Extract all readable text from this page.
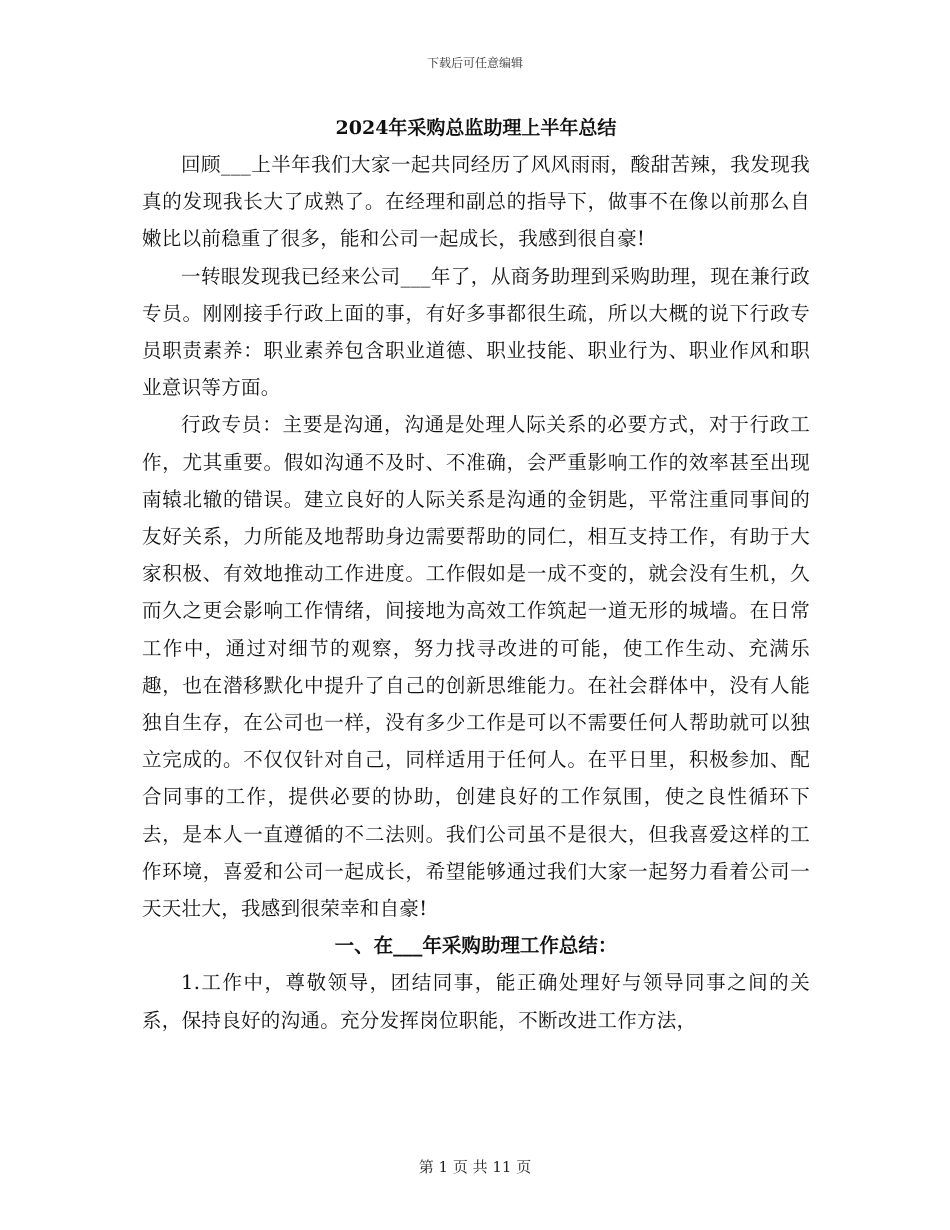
下载后可任意编辑
2024年采购总监助理上半年总结

回顾___上半年我们大家一起共同经历了风风雨雨，酸甜苦辣，我发现我真的发现我长大了成熟了。在经理和副总的指导下，做事不在像以前那么自嫩比以前稳重了很多，能和公司一起成长，我感到很自豪!

一转眼发现我已经来公司___年了，从商务助理到采购助理，现在兼行政专员。刚刚接手行政上面的事，有好多事都很生疏，所以大概的说下行政专员职责素养：职业素养包含职业道德、职业技能、职业行为、职业作风和职业意识等方面。

行政专员：主要是沟通，沟通是处理人际关系的必要方式，对于行政工作，尤其重要。假如沟通不及时、不准确，会严重影响工作的效率甚至出现南辕北辙的错误。建立良好的人际关系是沟通的金钥匙，平常注重同事间的友好关系，力所能及地帮助身边需要帮助的同仁，相互支持工作，有助于大家积极、有效地推动工作进度。工作假如是一成不变的，就会没有生机，久而久之更会影响工作情绪，间接地为高效工作筑起一道无形的城墙。在日常工作中，通过对细节的观察，努力找寻改进的可能，使工作生动、充满乐趣，也在潜移默化中提升了自己的创新思维能力。在社会群体中，没有人能独自生存，在公司也一样，没有多少工作是可以不需要任何人帮助就可以独立完成的。不仅仅针对自己，同样适用于任何人。在平日里，积极参加、配合同事的工作，提供必要的协助，创建良好的工作氛围，使之良性循环下去，是本人一直遵循的不二法则。我们公司虽不是很大，但我喜爱这样的工作环境，喜爱和公司一起成长，希望能够通过我们大家一起努力看着公司一天天壮大，我感到很荣幸和自豪!

一、在___年采购助理工作总结：

1.工作中，尊敬领导，团结同事，能正确处理好与领导同事之间的关系，保持良好的沟通。充分发挥岗位职能，不断改进工作方法，

第 1 页 共 11 页
